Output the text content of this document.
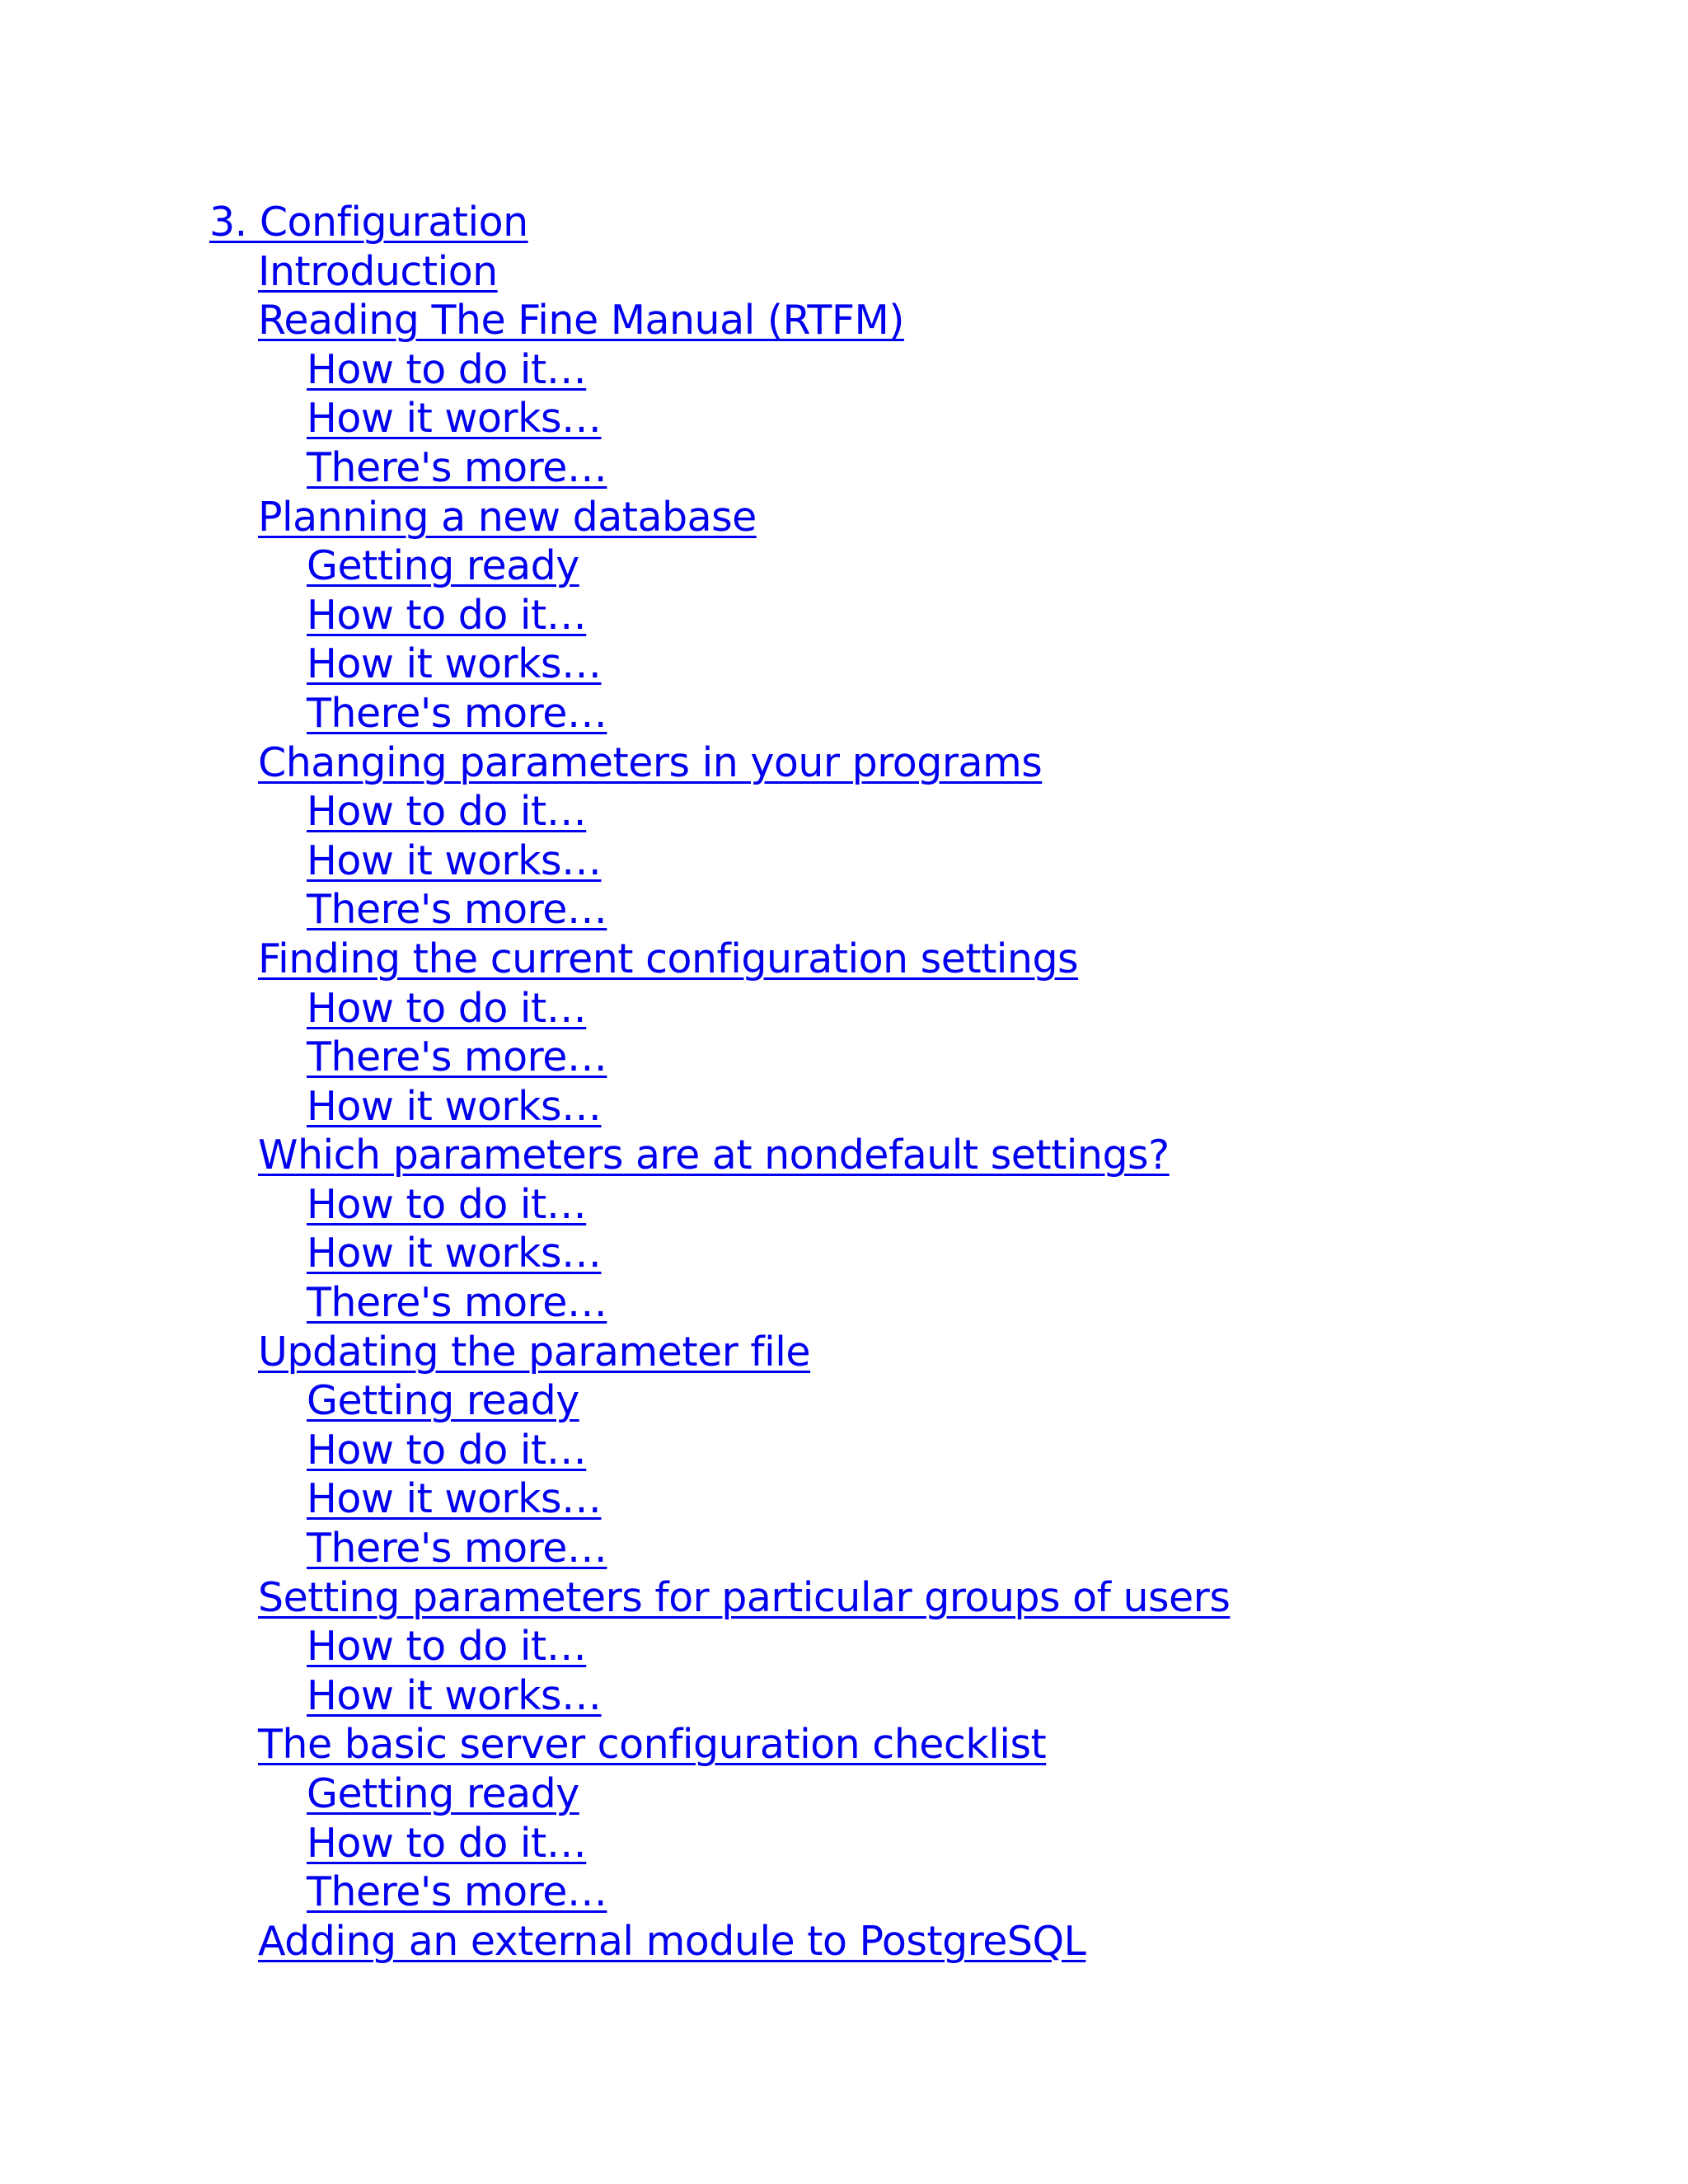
3. Configuration
Introduction
Reading The Fine Manual (RTFM)
How to do it…
How it works…
There's more…
Planning a new database
Getting ready
How to do it…
How it works…
There's more…
Changing parameters in your programs
How to do it…
How it works…
There's more…
Finding the current configuration settings
How to do it…
There's more…
How it works…
Which parameters are at nondefault settings?
How to do it…
How it works…
There's more…
Updating the parameter file
Getting ready
How to do it…
How it works…
There's more…
Setting parameters for particular groups of users
How to do it…
How it works…
The basic server configuration checklist
Getting ready
How to do it…
There's more…
Adding an external module to PostgreSQL
